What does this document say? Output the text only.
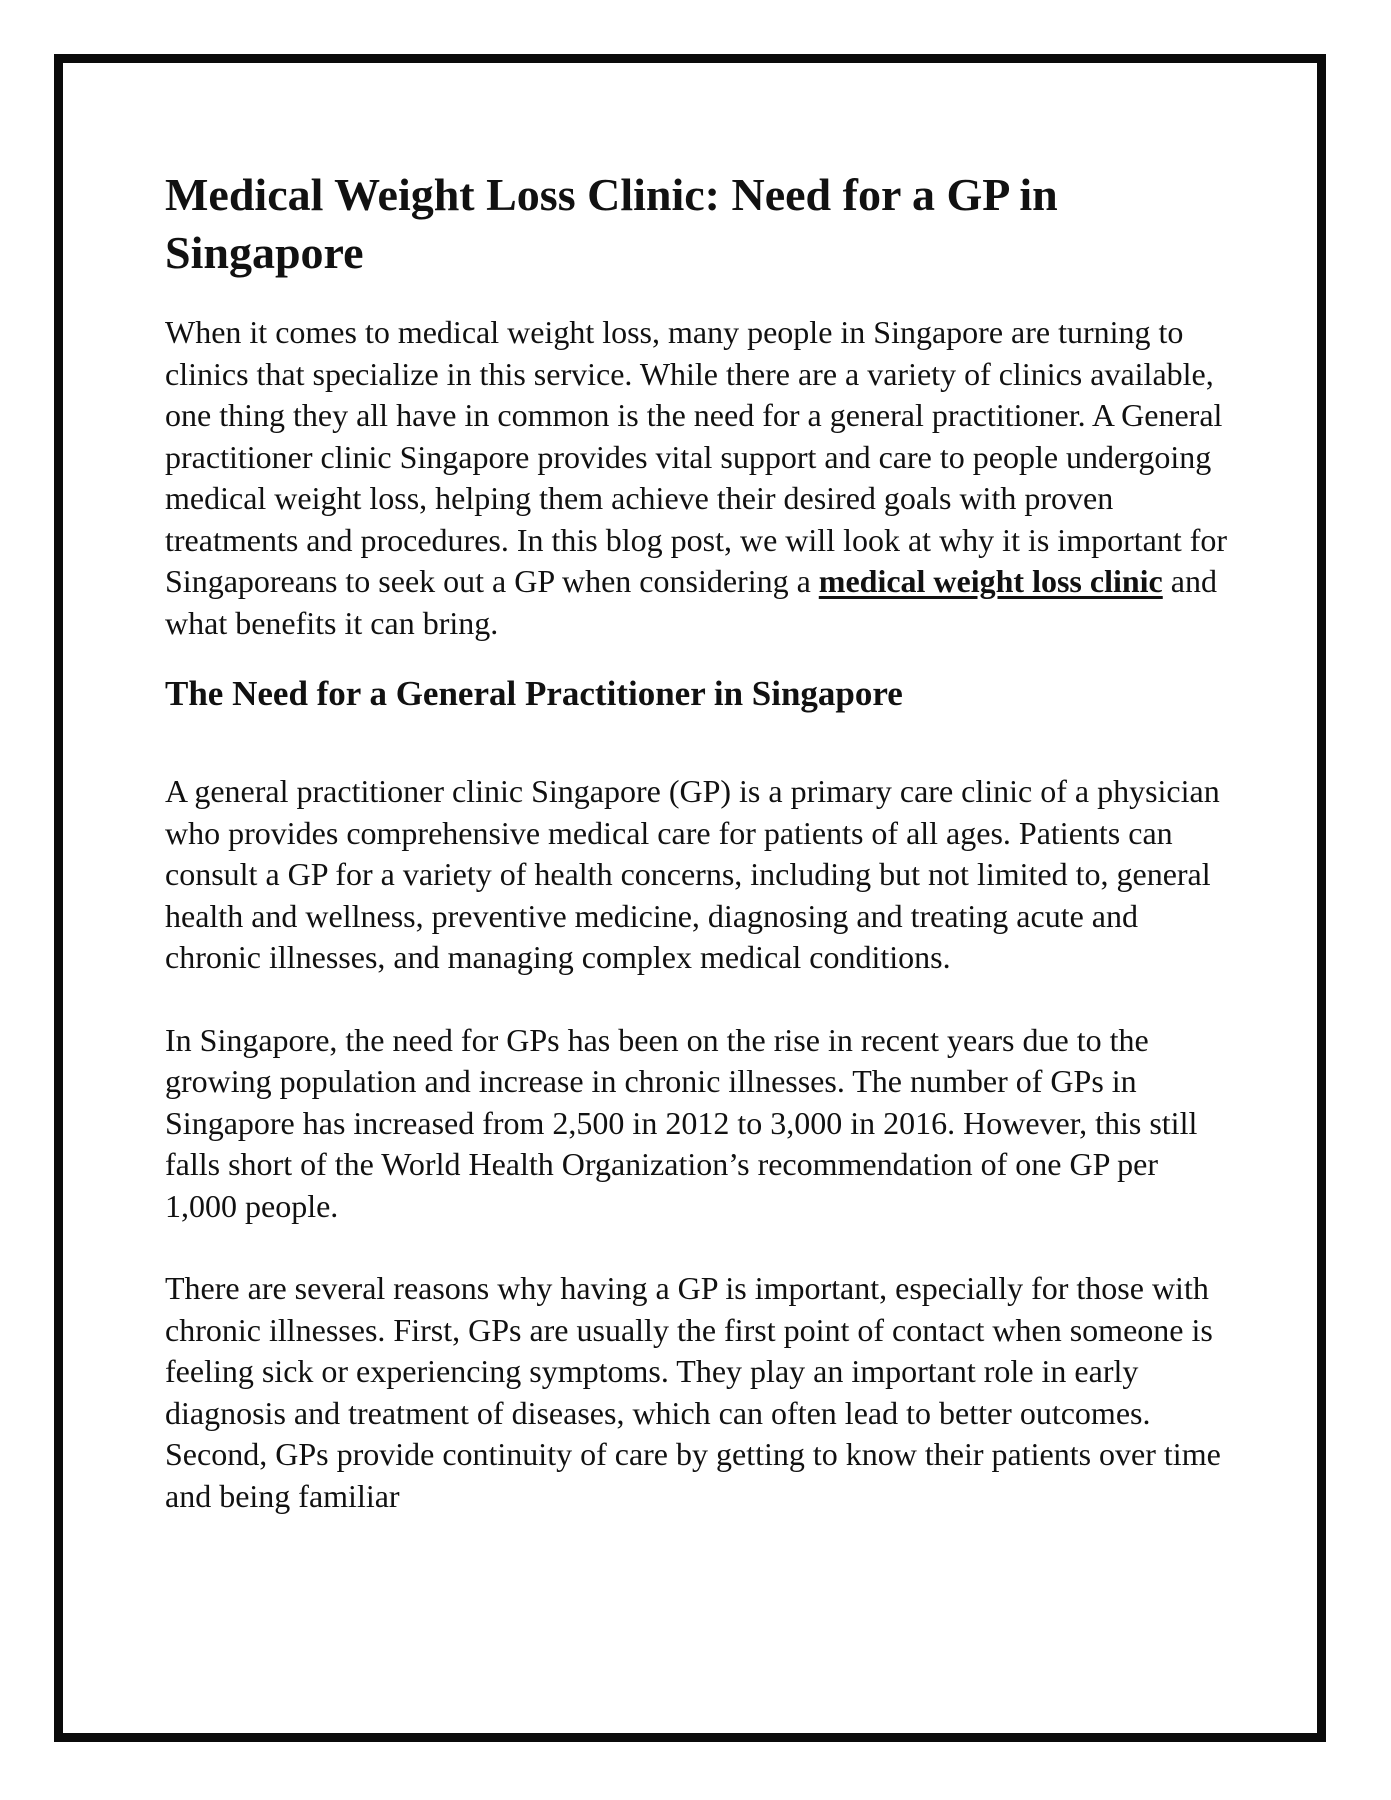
Medical Weight Loss Clinic: Need for a GP in Singapore

When it comes to medical weight loss, many people in Singapore are turning to clinics that specialize in this service. While there are a variety of clinics available, one thing they all have in common is the need for a general practitioner. A General practitioner clinic Singapore provides vital support and care to people undergoing medical weight loss, helping them achieve their desired goals with proven treatments and procedures. In this blog post, we will look at why it is important for Singaporeans to seek out a GP when considering a medical weight loss clinic and what benefits it can bring.

The Need for a General Practitioner in Singapore

A general practitioner clinic Singapore (GP) is a primary care clinic of a physician who provides comprehensive medical care for patients of all ages. Patients can consult a GP for a variety of health concerns, including but not limited to, general health and wellness, preventive medicine, diagnosing and treating acute and chronic illnesses, and managing complex medical conditions.

In Singapore, the need for GPs has been on the rise in recent years due to the growing population and increase in chronic illnesses. The number of GPs in Singapore has increased from 2,500 in 2012 to 3,000 in 2016. However, this still falls short of the World Health Organization’s recommendation of one GP per 1,000 people.

There are several reasons why having a GP is important, especially for those with chronic illnesses. First, GPs are usually the first point of contact when someone is feeling sick or experiencing symptoms. They play an important role in early diagnosis and treatment of diseases, which can often lead to better outcomes. Second, GPs provide continuity of care by getting to know their patients over time and being familiar
